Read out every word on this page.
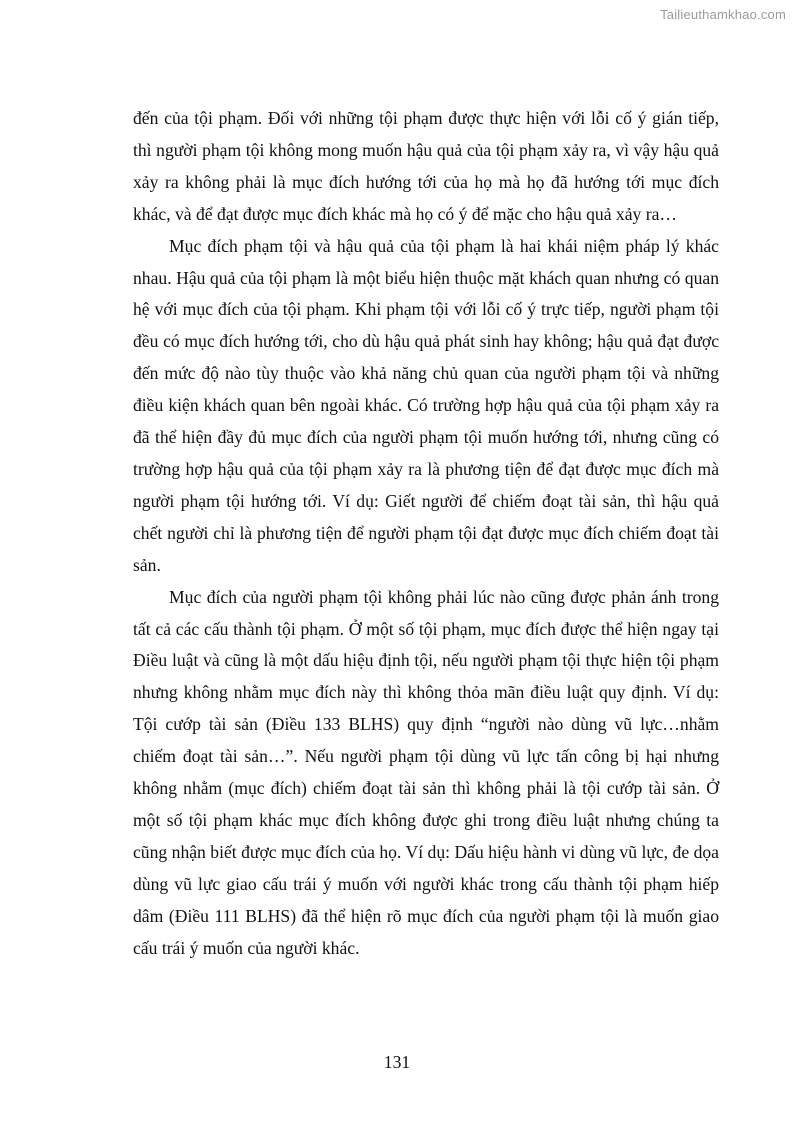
Tailieuthamkhao.com

đến của tội phạm. Đối với những tội phạm được thực hiện với lỗi cố ý gián tiếp, thì người phạm tội không mong muốn hậu quả của tội phạm xảy ra, vì vậy hậu quả xảy ra không phải là mục đích hướng tới của họ mà họ đã hướng tới mục đích khác, và để đạt được mục đích khác mà họ có ý để mặc cho hậu quả xảy ra…

Mục đích phạm tội và hậu quả của tội phạm là hai khái niệm pháp lý khác nhau. Hậu quả của tội phạm là một biểu hiện thuộc mặt khách quan nhưng có quan hệ với mục đích của tội phạm. Khi phạm tội với lỗi cố ý trực tiếp, người phạm tội đều có mục đích hướng tới, cho dù hậu quả phát sinh hay không; hậu quả đạt được đến mức độ nào tùy thuộc vào khả năng chủ quan của người phạm tội và những điều kiện khách quan bên ngoài khác. Có trường hợp hậu quả của tội phạm xảy ra đã thể hiện đầy đủ mục đích của người phạm tội muốn hướng tới, nhưng cũng có trường hợp hậu quả của tội phạm xảy ra là phương tiện để đạt được mục đích mà người phạm tội hướng tới. Ví dụ: Giết người để chiếm đoạt tài sản, thì hậu quả chết người chỉ là phương tiện để người phạm tội đạt được mục đích chiếm đoạt tài sản.

Mục đích của người phạm tội không phải lúc nào cũng được phản ánh trong tất cả các cấu thành tội phạm. Ở một số tội phạm, mục đích được thể hiện ngay tại Điều luật và cũng là một dấu hiệu định tội, nếu người phạm tội thực hiện tội phạm nhưng không nhằm mục đích này thì không thỏa mãn điều luật quy định. Ví dụ: Tội cướp tài sản (Điều 133 BLHS) quy định “người nào dùng vũ lực…nhằm chiếm đoạt tài sản…”. Nếu người phạm tội dùng vũ lực tấn công bị hại nhưng không nhằm (mục đích) chiếm đoạt tài sản thì không phải là tội cướp tài sản. Ở một số tội phạm khác mục đích không được ghi trong điều luật nhưng chúng ta cũng nhận biết được mục đích của họ. Ví dụ: Dấu hiệu hành vi dùng vũ lực, đe dọa dùng vũ lực giao cấu trái ý muốn với người khác trong cấu thành tội phạm hiếp dâm (Điều 111 BLHS) đã thể hiện rõ mục đích của người phạm tội là muốn giao cấu trái ý muốn của người khác.

131
